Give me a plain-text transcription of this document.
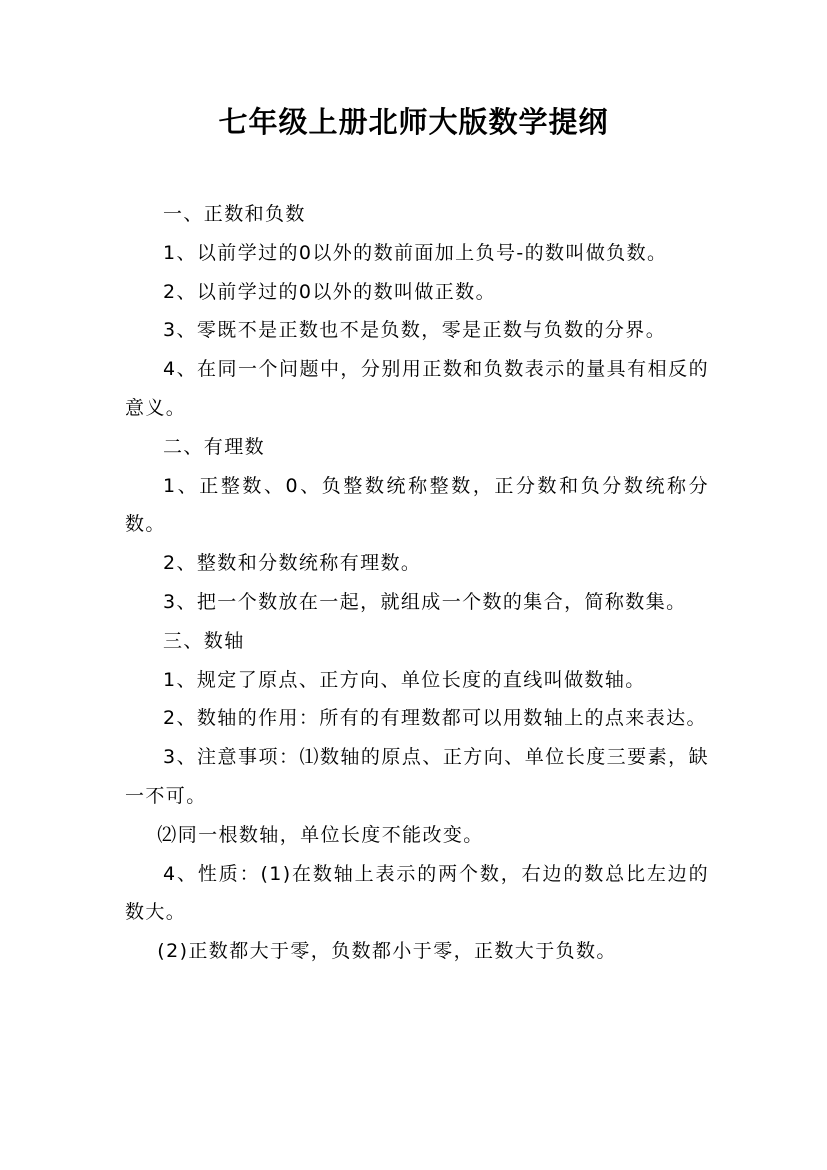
七年级上册北师大版数学提纲

一、正数和负数

1、以前学过的0以外的数前面加上负号-的数叫做负数。

2、以前学过的0以外的数叫做正数。

3、零既不是正数也不是负数，零是正数与负数的分界。

4、在同一个问题中，分别用正数和负数表示的量具有相反的意义。

二、有理数

1、正整数、0、负整数统称整数，正分数和负分数统称分数。

2、整数和分数统称有理数。

3、把一个数放在一起，就组成一个数的集合，简称数集。

三、数轴

1、规定了原点、正方向、单位长度的直线叫做数轴。

2、数轴的作用：所有的有理数都可以用数轴上的点来表达。

3、注意事项：⑴数轴的原点、正方向、单位长度三要素，缺一不可。

⑵同一根数轴，单位长度不能改变。

4、性质：(1)在数轴上表示的两个数，右边的数总比左边的数大。

(2)正数都大于零，负数都小于零，正数大于负数。
